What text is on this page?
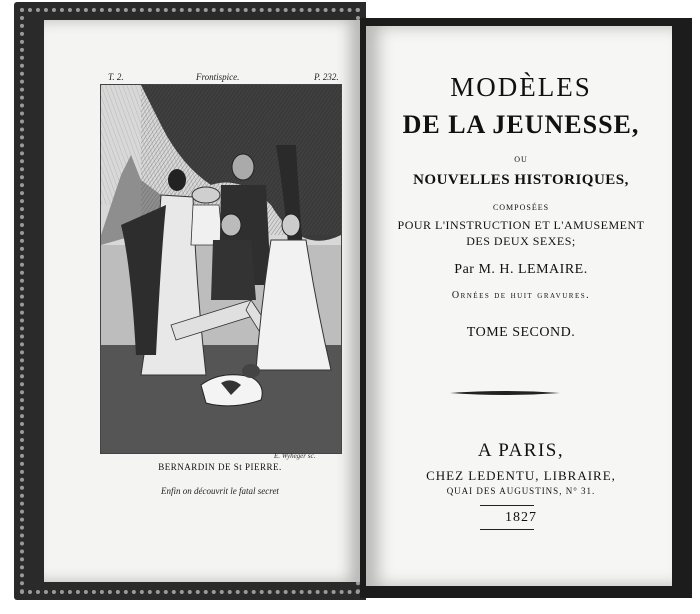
T. 2.	Frontispice.	P. 232.
E. Wyheger sc.
BERNARDIN DE St PIERRE.
Enfin on découvrit le fatal secret
MODÈLES
DE LA JEUNESSE,
OU
NOUVELLES HISTORIQUES,
COMPOSÉES
POUR L'INSTRUCTION ET L'AMUSEMENT
DES DEUX SEXES;
Par M. H. LEMAIRE.
Ornées de huit gravures.
TOME SECOND.
A PARIS,
CHEZ LEDENTU, LIBRAIRE,
QUAI DES AUGUSTINS, N° 31.
1827
